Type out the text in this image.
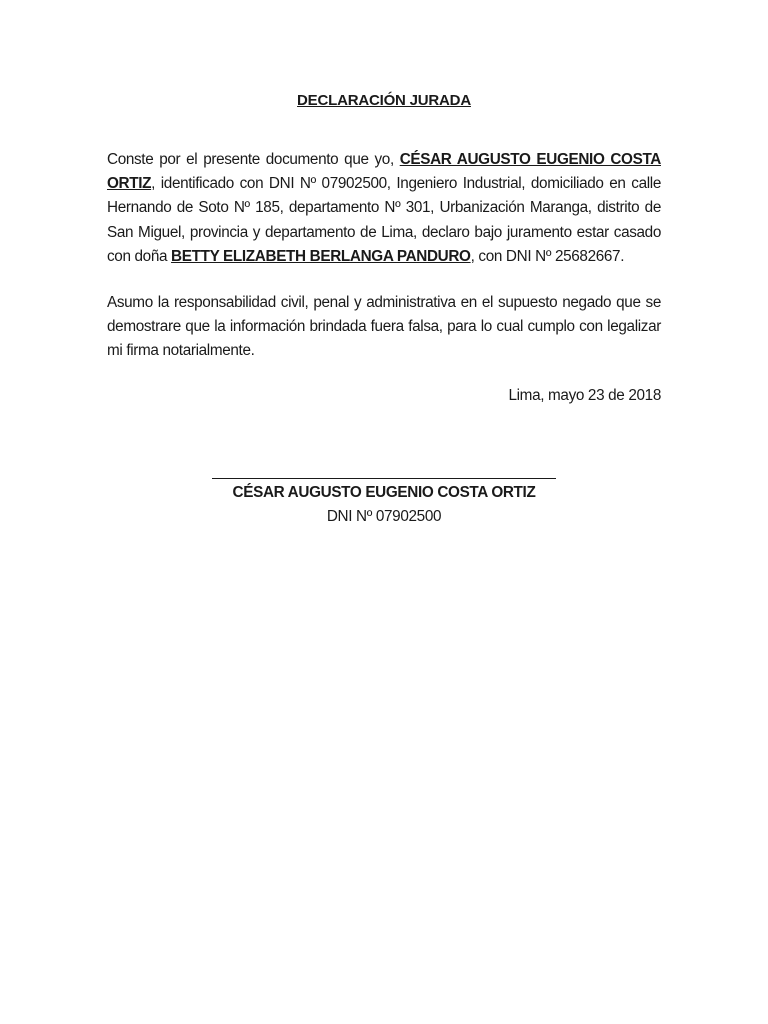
DECLARACIÓN JURADA
Conste por el presente documento que yo, CÉSAR AUGUSTO EUGENIO COSTA ORTIZ, identificado con DNI Nº 07902500, Ingeniero Industrial, domiciliado en calle Hernando de Soto Nº 185, departamento Nº 301, Urbanización Maranga, distrito de San Miguel, provincia y departamento de Lima, declaro bajo juramento estar casado con doña BETTY ELIZABETH BERLANGA PANDURO, con DNI Nº 25682667.
Asumo la responsabilidad civil, penal y administrativa en el supuesto negado que se demostrare que la información brindada fuera falsa, para lo cual cumplo con legalizar mi firma notarialmente.
Lima, mayo 23 de 2018
CÉSAR AUGUSTO EUGENIO COSTA ORTIZ
DNI Nº 07902500
